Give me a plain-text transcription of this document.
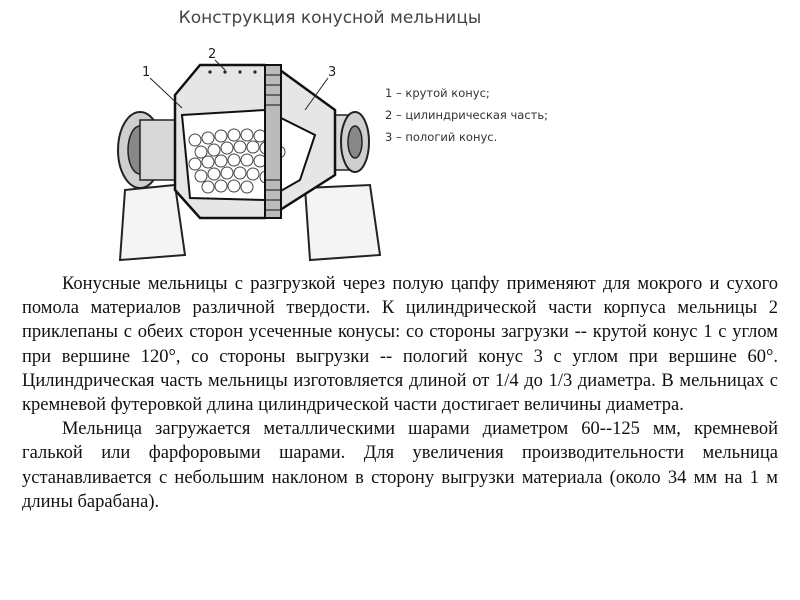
Конструкция конусной мельницы
1
2
3
1 – крутой конус;
2 – цилиндрическая часть;
3 – пологий конус.

Конусные мельницы с разгрузкой через полую цапфу применяют для мокрого и сухого помола материалов различной твердости. К цилиндрической части корпуса мельницы 2 приклепаны с обеих сторон усеченные конусы: со стороны загрузки -- крутой конус 1 с углом при вершине 120°, со стороны выгрузки -- пологий конус 3 с углом при вершине 60°. Цилиндрическая часть мельницы изготовляется длиной от 1/4 до 1/3 диаметра. В мельницах с кремневой футеровкой длина цилиндрической части достигает величины диаметра.

Мельница загружается металлическими шарами диаметром 60--125 мм, кремневой галькой или фарфоровыми шарами. Для увеличения производительности мельница устанавливается с небольшим наклоном в сторону выгрузки материала (около 34 мм на 1 м длины барабана).
